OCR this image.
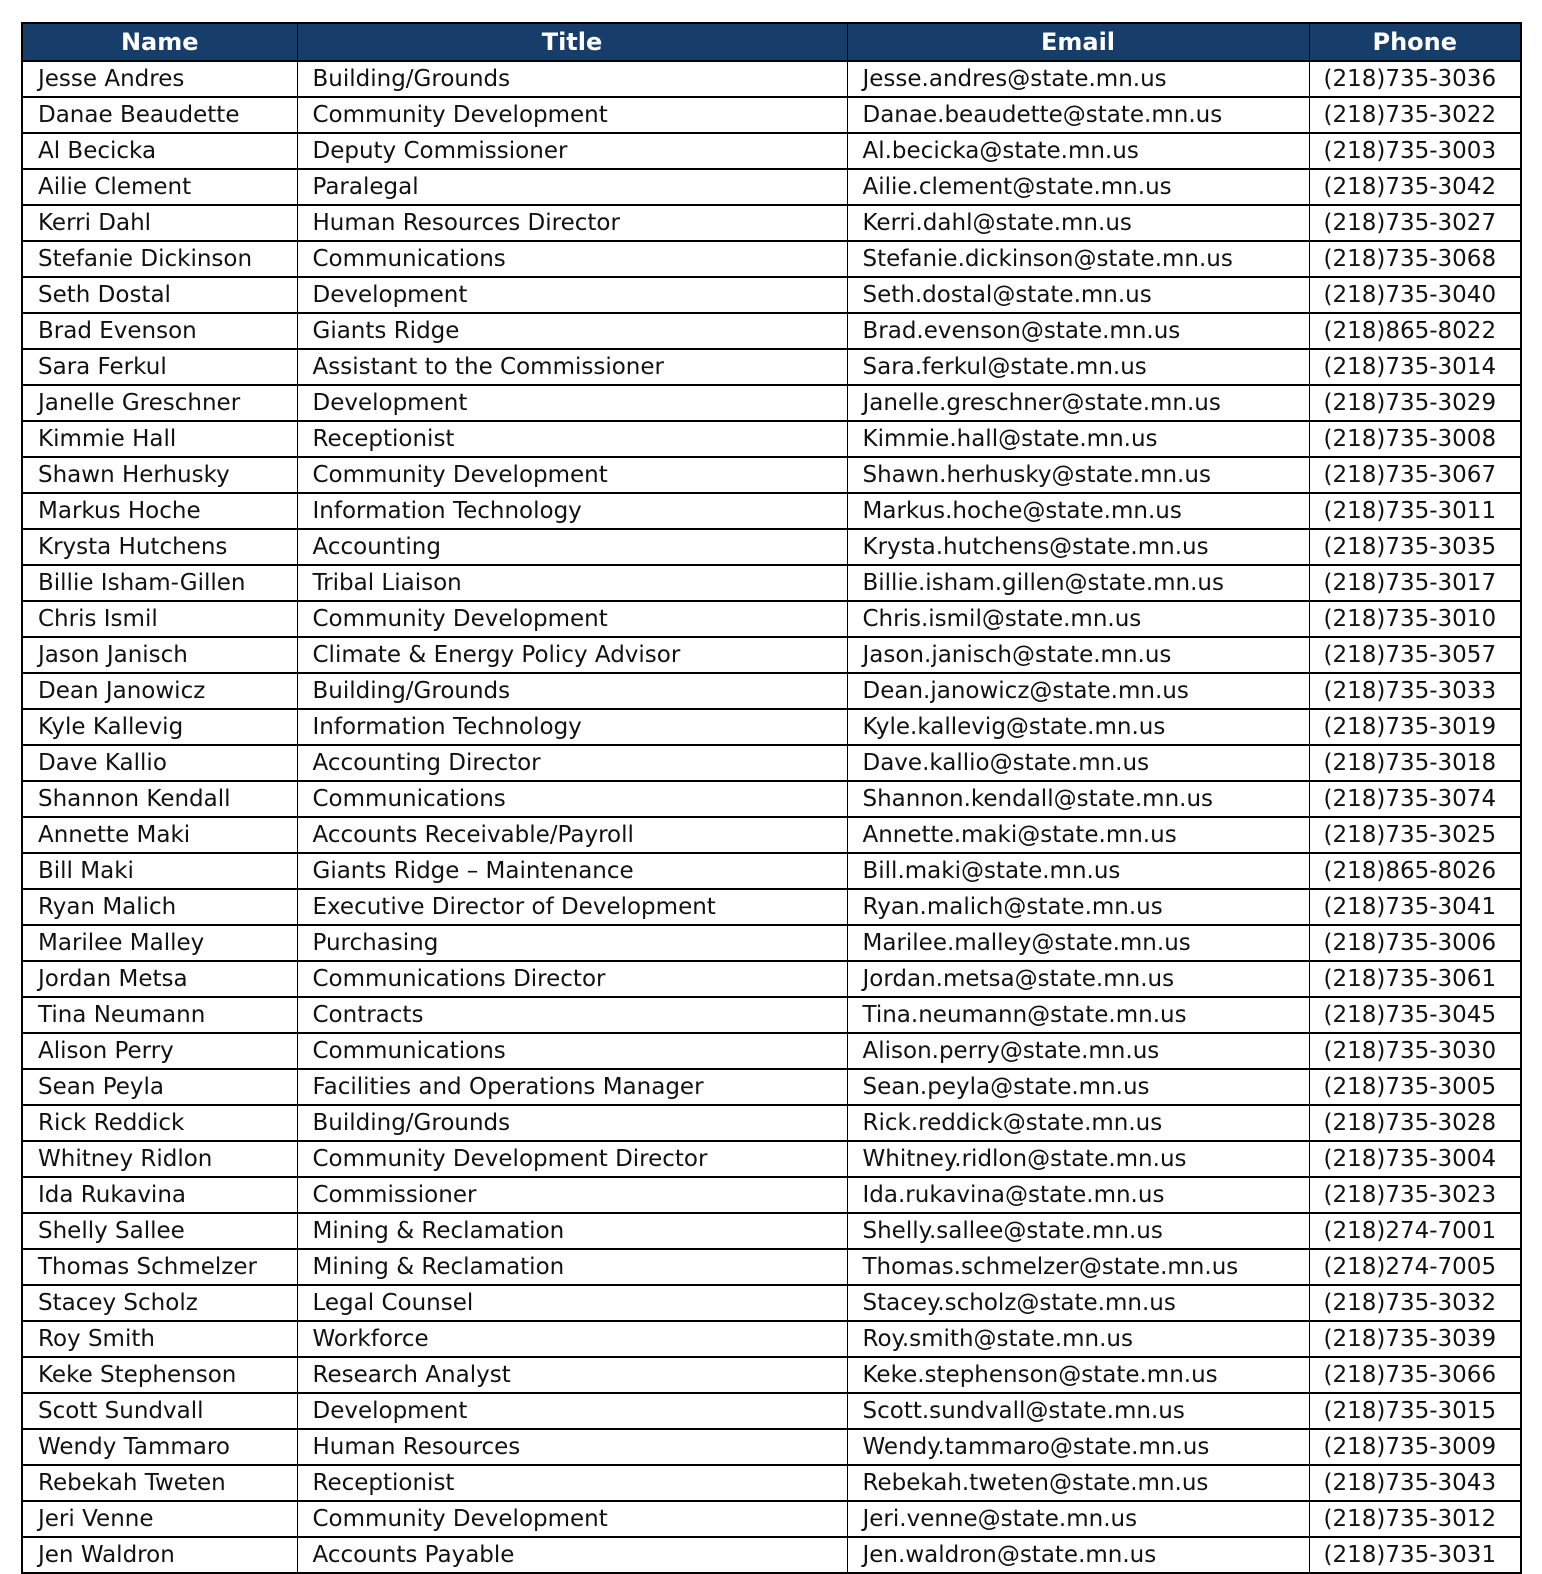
Name	Title	Email	Phone
Jesse Andres	Building/Grounds	Jesse.andres@state.mn.us	(218)735-3036
Danae Beaudette	Community Development	Danae.beaudette@state.mn.us	(218)735-3022
Al Becicka	Deputy Commissioner	Al.becicka@state.mn.us	(218)735-3003
Ailie Clement	Paralegal	Ailie.clement@state.mn.us	(218)735-3042
Kerri Dahl	Human Resources Director	Kerri.dahl@state.mn.us	(218)735-3027
Stefanie Dickinson	Communications	Stefanie.dickinson@state.mn.us	(218)735-3068
Seth Dostal	Development	Seth.dostal@state.mn.us	(218)735-3040
Brad Evenson	Giants Ridge	Brad.evenson@state.mn.us	(218)865-8022
Sara Ferkul	Assistant to the Commissioner	Sara.ferkul@state.mn.us	(218)735-3014
Janelle Greschner	Development	Janelle.greschner@state.mn.us	(218)735-3029
Kimmie Hall	Receptionist	Kimmie.hall@state.mn.us	(218)735-3008
Shawn Herhusky	Community Development	Shawn.herhusky@state.mn.us	(218)735-3067
Markus Hoche	Information Technology	Markus.hoche@state.mn.us	(218)735-3011
Krysta Hutchens	Accounting	Krysta.hutchens@state.mn.us	(218)735-3035
Billie Isham-Gillen	Tribal Liaison	Billie.isham.gillen@state.mn.us	(218)735-3017
Chris Ismil	Community Development	Chris.ismil@state.mn.us	(218)735-3010
Jason Janisch	Climate & Energy Policy Advisor	Jason.janisch@state.mn.us	(218)735-3057
Dean Janowicz	Building/Grounds	Dean.janowicz@state.mn.us	(218)735-3033
Kyle Kallevig	Information Technology	Kyle.kallevig@state.mn.us	(218)735-3019
Dave Kallio	Accounting Director	Dave.kallio@state.mn.us	(218)735-3018
Shannon Kendall	Communications	Shannon.kendall@state.mn.us	(218)735-3074
Annette Maki	Accounts Receivable/Payroll	Annette.maki@state.mn.us	(218)735-3025
Bill Maki	Giants Ridge – Maintenance	Bill.maki@state.mn.us	(218)865-8026
Ryan Malich	Executive Director of Development	Ryan.malich@state.mn.us	(218)735-3041
Marilee Malley	Purchasing	Marilee.malley@state.mn.us	(218)735-3006
Jordan Metsa	Communications Director	Jordan.metsa@state.mn.us	(218)735-3061
Tina Neumann	Contracts	Tina.neumann@state.mn.us	(218)735-3045
Alison Perry	Communications	Alison.perry@state.mn.us	(218)735-3030
Sean Peyla	Facilities and Operations Manager	Sean.peyla@state.mn.us	(218)735-3005
Rick Reddick	Building/Grounds	Rick.reddick@state.mn.us	(218)735-3028
Whitney Ridlon	Community Development Director	Whitney.ridlon@state.mn.us	(218)735-3004
Ida Rukavina	Commissioner	Ida.rukavina@state.mn.us	(218)735-3023
Shelly Sallee	Mining & Reclamation	Shelly.sallee@state.mn.us	(218)274-7001
Thomas Schmelzer	Mining & Reclamation	Thomas.schmelzer@state.mn.us	(218)274-7005
Stacey Scholz	Legal Counsel	Stacey.scholz@state.mn.us	(218)735-3032
Roy Smith	Workforce	Roy.smith@state.mn.us	(218)735-3039
Keke Stephenson	Research Analyst	Keke.stephenson@state.mn.us	(218)735-3066
Scott Sundvall	Development	Scott.sundvall@state.mn.us	(218)735-3015
Wendy Tammaro	Human Resources	Wendy.tammaro@state.mn.us	(218)735-3009
Rebekah Tweten	Receptionist	Rebekah.tweten@state.mn.us	(218)735-3043
Jeri Venne	Community Development	Jeri.venne@state.mn.us	(218)735-3012
Jen Waldron	Accounts Payable	Jen.waldron@state.mn.us	(218)735-3031
